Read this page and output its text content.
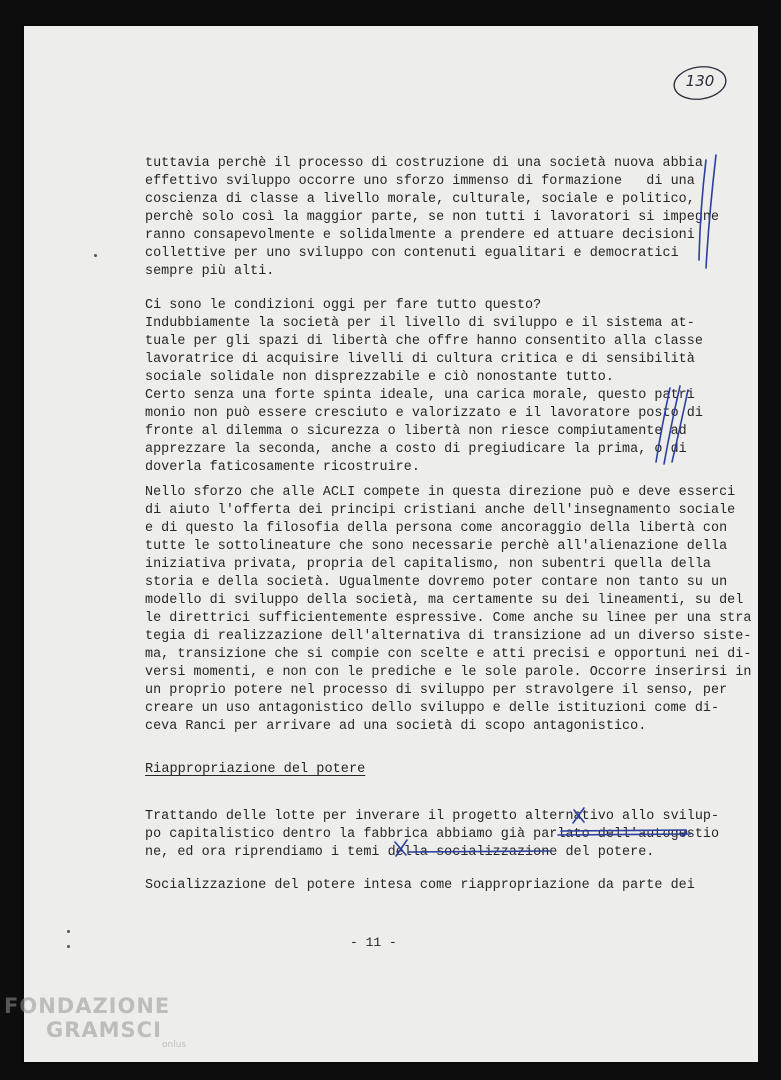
130
tuttavia perchè il processo di costruzione di una società nuova abbia
effettivo sviluppo occorre uno sforzo immenso di formazione   di una
coscienza di classe a livello morale, culturale, sociale e politico,
perchè solo così la maggior parte, se non tutti i lavoratori si impegne
ranno consapevolmente e solidalmente a prendere ed attuare decisioni
collettive per uno sviluppo con contenuti egualitari e democratici
sempre più alti.
Ci sono le condizioni oggi per fare tutto questo?
Indubbiamente la società per il livello di sviluppo e il sistema at-
tuale per gli spazi di libertà che offre hanno consentito alla classe
lavoratrice di acquisire livelli di cultura critica e di sensibilità
sociale solidale non disprezzabile e ciò nonostante tutto.
Certo senza una forte spinta ideale, una carica morale, questo patri
monio non può essere cresciuto e valorizzato e il lavoratore posto di
fronte al dilemma o sicurezza o libertà non riesce compiutamente ad
apprezzare la seconda, anche a costo di pregiudicare la prima, o di
doverla faticosamente ricostruire.
Nello sforzo che alle ACLI compete in questa direzione può e deve esserci
di aiuto l'offerta dei principi cristiani anche dell'insegnamento sociale
e di questo la filosofia della persona come ancoraggio della libertà con
tutte le sottolineature che sono necessarie perchè all'alienazione della
iniziativa privata, propria del capitalismo, non subentri quella della
storia e della società. Ugualmente dovremo poter contare non tanto su un
modello di sviluppo della società, ma certamente su dei lineamenti, su del
le direttrici sufficientemente espressive. Come anche su linee per una stra
tegia di realizzazione dell'alternativa di transizione ad un diverso siste-
ma, transizione che si compie con scelte e atti precisi e opportuni nei di-
versi momenti, e non con le prediche e le sole parole. Occorre inserirsi in
un proprio potere nel processo di sviluppo per stravolgere il senso, per
creare un uso antagonistico dello sviluppo e delle istituzioni come di-
ceva Ranci per arrivare ad una società di scopo antagonistico.
Riappropriazione del potere
Trattando delle lotte per inverare il progetto alternativo allo svilup-
po capitalistico dentro la fabbrica abbiamo già parlato dell'autogestio
ne, ed ora riprendiamo i temi della socializzazione del potere.
Socializzazione del potere intesa come riappropriazione da parte dei
- 11 -
FONDAZIONE
GRAMSCI
onlus
